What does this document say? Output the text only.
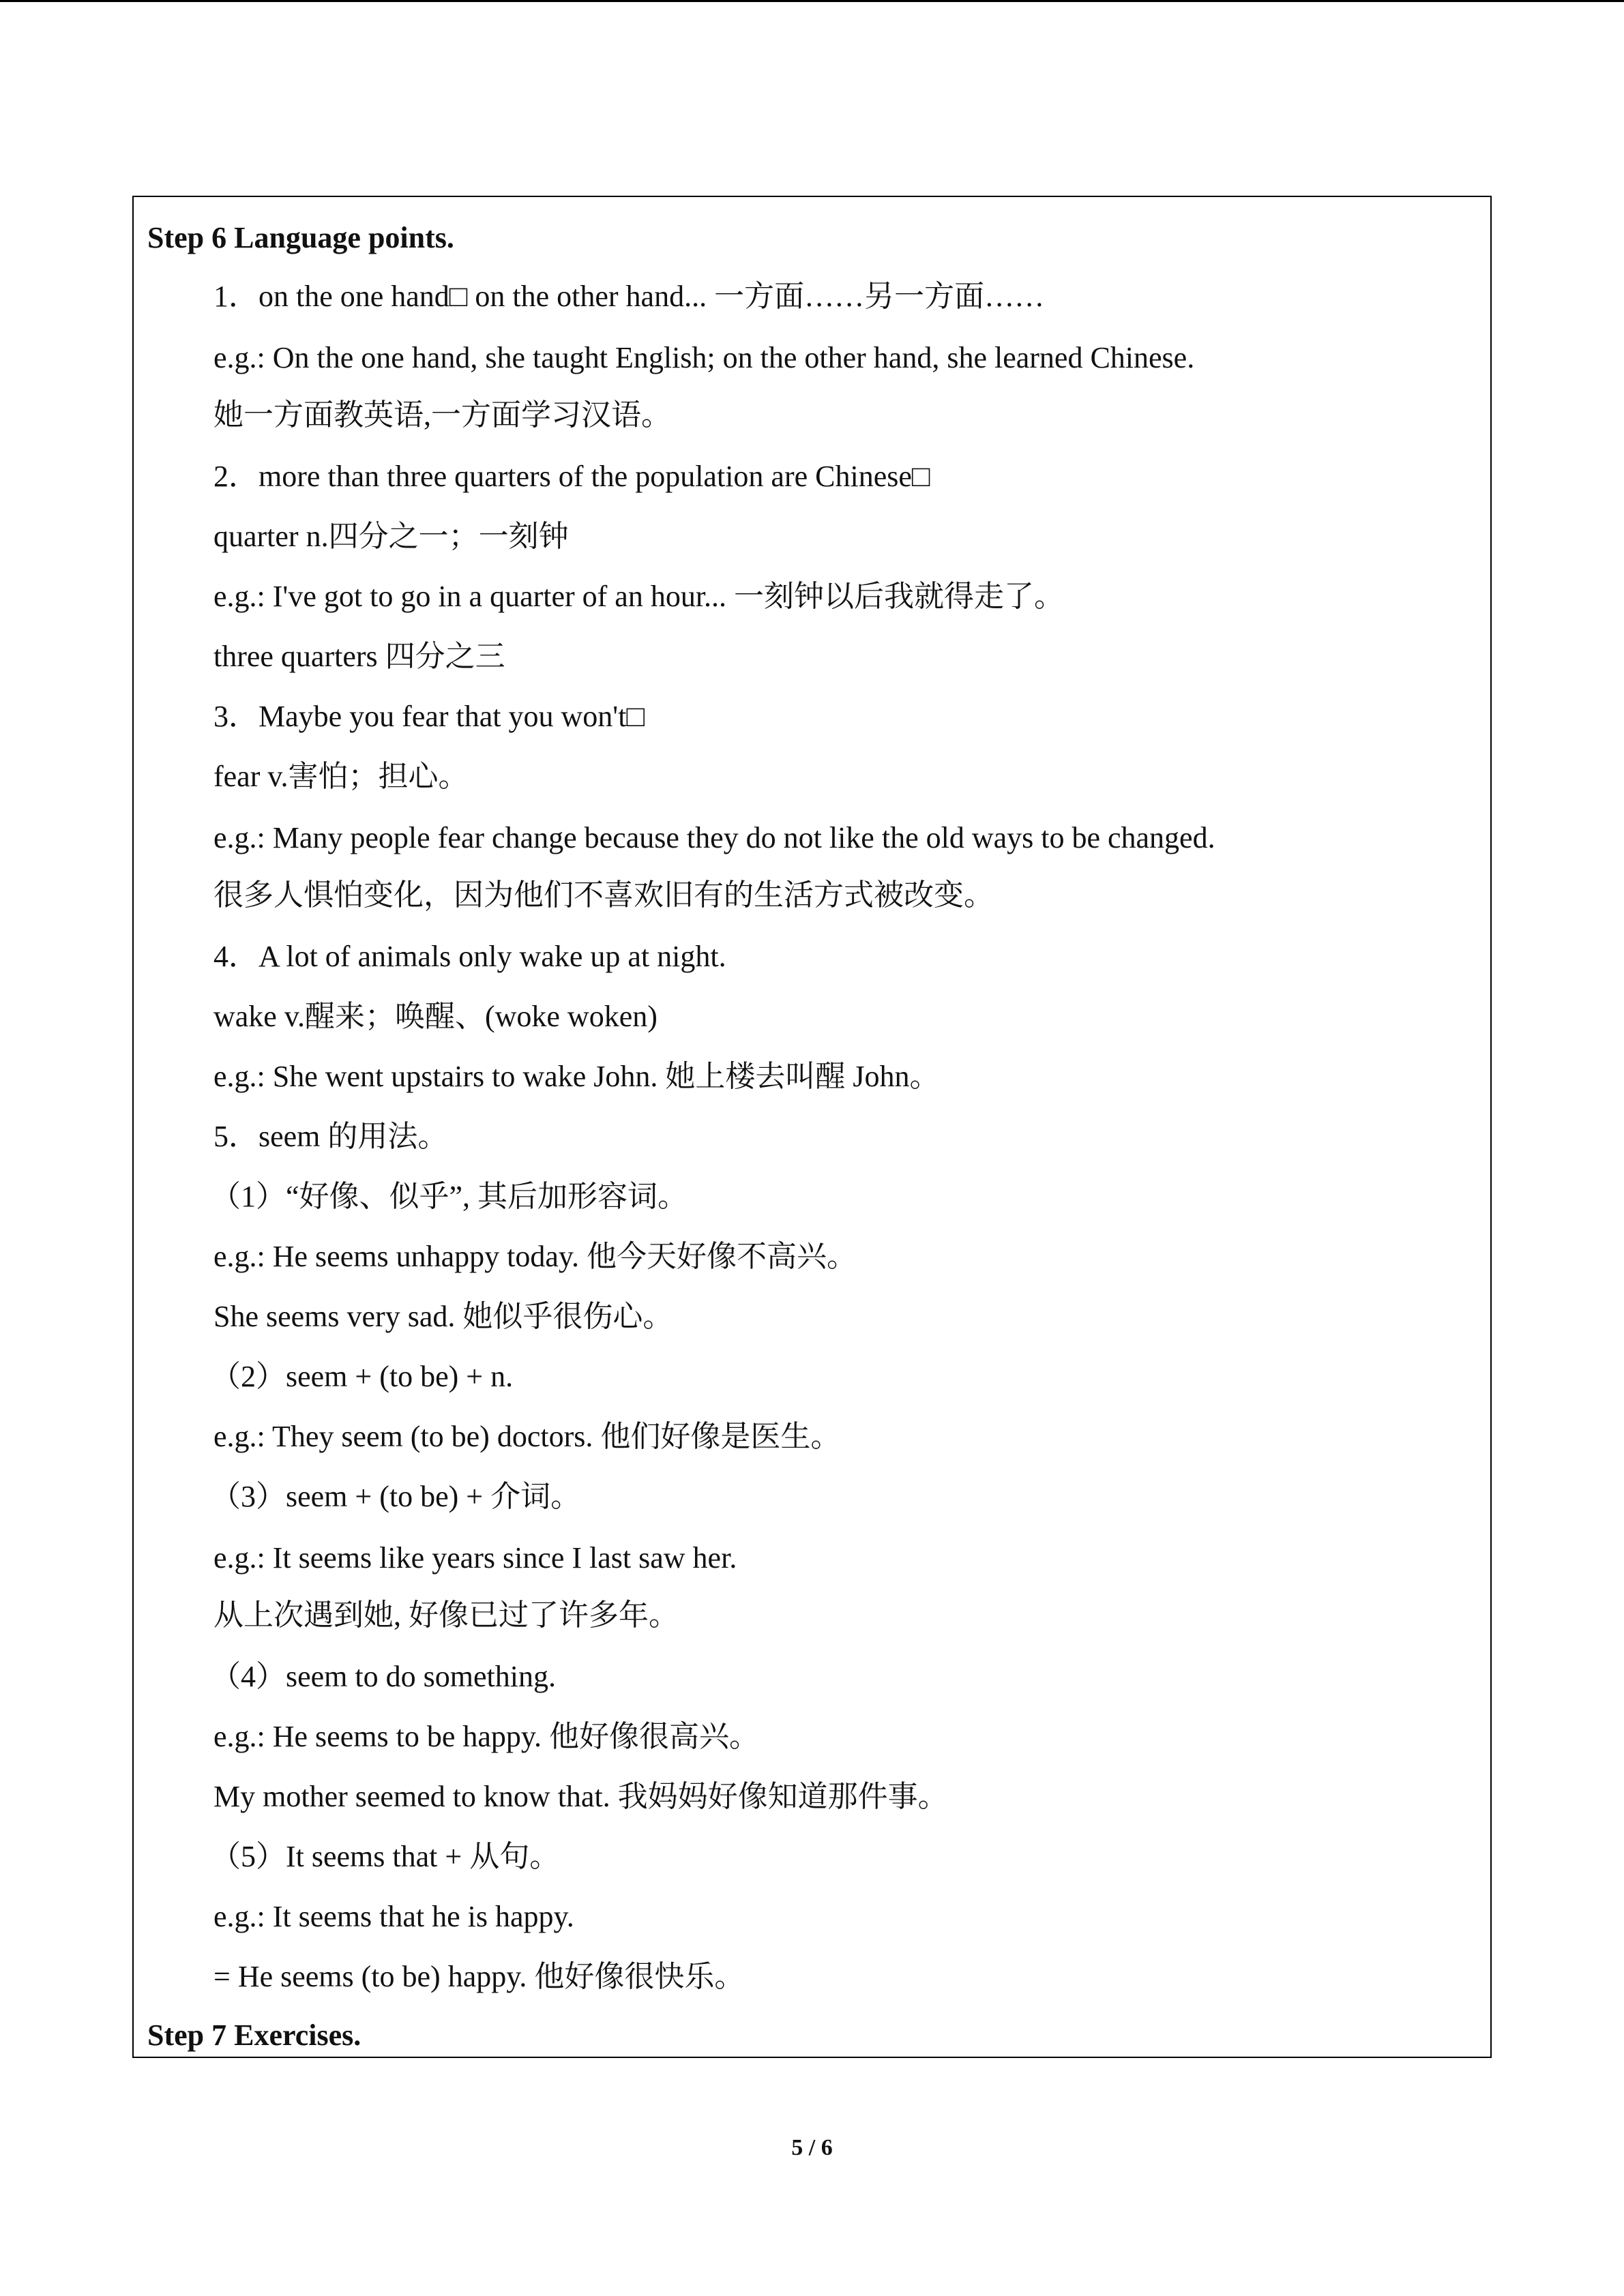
Step 6 Language points.
1．on the one hand□ on the other hand... 一方面……另一方面……
e.g.: On the one hand, she taught English; on the other hand, she learned Chinese.
她一方面教英语,一方面学习汉语。
2．more than three quarters of the population are Chinese□
quarter n.四分之一；一刻钟
e.g.: I've got to go in a quarter of an hour... 一刻钟以后我就得走了。
three quarters 四分之三
3．Maybe you fear that you won't□
fear v.害怕；担心。
e.g.: Many people fear change because they do not like the old ways to be changed.
很多人惧怕变化，因为他们不喜欢旧有的生活方式被改变。
4．A lot of animals only wake up at night.
wake v.醒来；唤醒、(woke woken)
e.g.: She went upstairs to wake John. 她上楼去叫醒 John。
5．seem 的用法。
（1）“好像、似乎”, 其后加形容词。
e.g.: He seems unhappy today. 他今天好像不高兴。
She seems very sad. 她似乎很伤心。
（2）seem + (to be) + n.
e.g.: They seem (to be) doctors. 他们好像是医生。
（3）seem + (to be) + 介词。
e.g.: It seems like years since I last saw her.
从上次遇到她, 好像已过了许多年。
（4）seem to do something.
e.g.: He seems to be happy. 他好像很高兴。
My mother seemed to know that. 我妈妈好像知道那件事。
（5）It seems that + 从句。
e.g.: It seems that he is happy.
= He seems (to be) happy. 他好像很快乐。
Step 7 Exercises.
5 / 6
